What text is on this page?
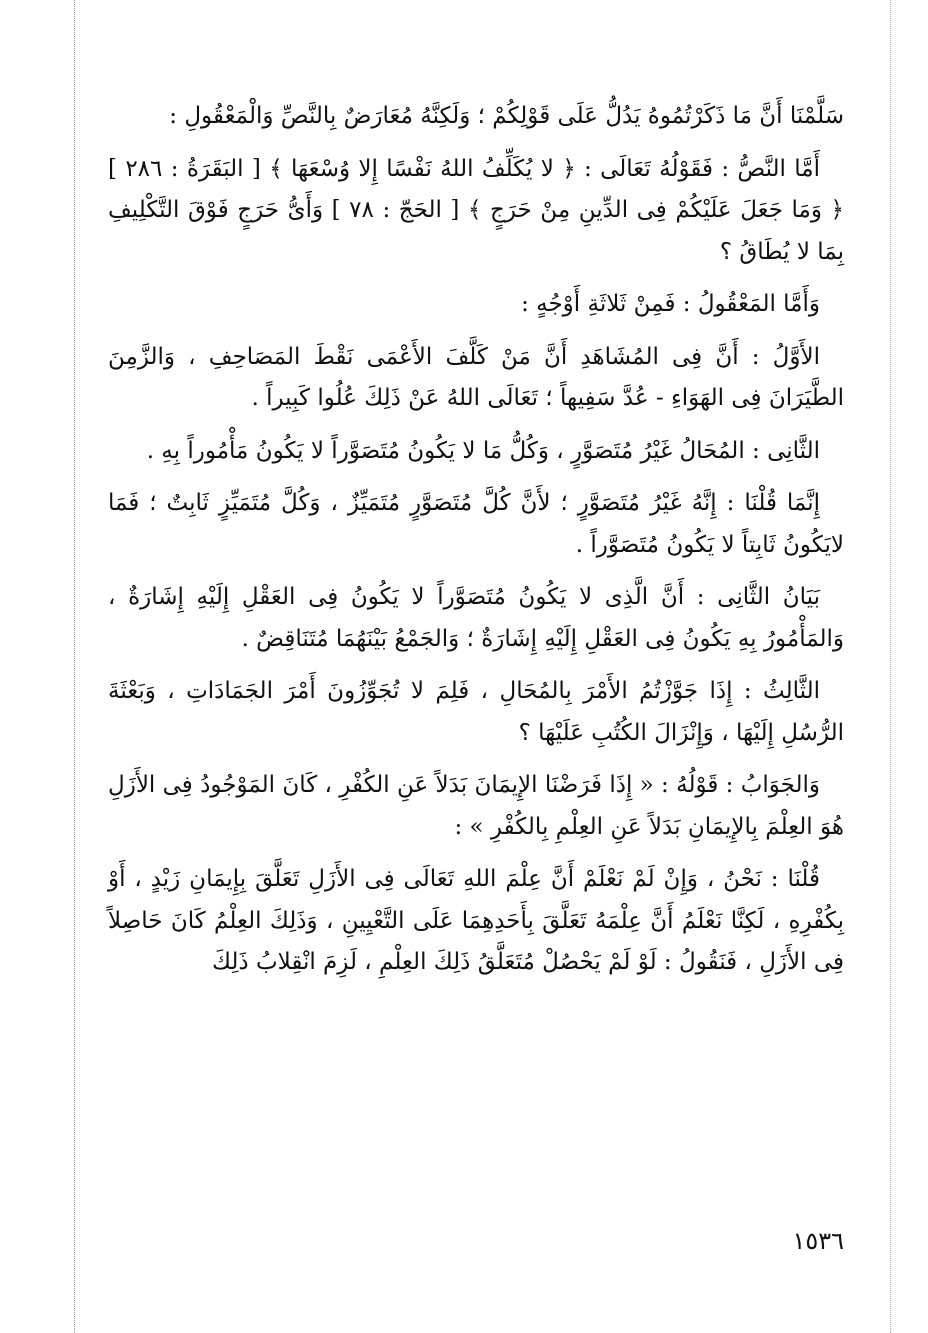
سَلَّمْنَا أَنَّ مَا ذَكَرْتُمُوهُ يَدُلُّ عَلَى قَوْلِكُمْ ؛ وَلَكِنَّهُ مُعَارَضٌ بِالنَّصِّ وَالْمَعْقُولِ :

أَمَّا النَّصُّ : فَقَوْلُهُ تَعَالَى : ﴿ لا يُكَلِّفُ اللهُ نَفْسًا إِلا وُسْعَهَا ﴾ [ البَقَرَةُ : ٢٨٦ ] ﴿ وَمَا جَعَلَ عَلَيْكُمْ فِى الدِّينِ مِنْ حَرَجٍ ﴾ [ الحَجّ : ٧٨ ] وَأَىُّ حَرَجٍ فَوْقَ التَّكْلِيفِ بِمَا لا يُطَاقُ ؟

وَأَمَّا المَعْقُولُ : فَمِنْ ثَلاثَةِ أَوْجُهٍ :

الأَوَّلُ : أَنَّ فِى المُشَاهَدِ أَنَّ مَنْ كَلَّفَ الأَعْمَى نَقْطَ المَصَاحِفِ ، وَالزَّمِنَ الطَّيَرَانَ فِى الهَوَاءِ - عُدَّ سَفِيهاً ؛ تَعَالَى اللهُ عَنْ ذَلِكَ عُلُوا كَبِيراً .

الثَّانِى : المُحَالُ غَيْرُ مُتَصَوَّرٍ ، وَكُلُّ مَا لا يَكُونُ مُتَصَوَّراً لا يَكُونُ مَأْمُوراً بِهِ .

إِنَّمَا قُلْنَا : إِنَّهُ غَيْرُ مُتَصَوَّرٍ ؛ لأَنَّ كُلَّ مُتَصَوَّرٍ مُتَمَيِّزٌ ، وَكُلَّ مُتَمَيِّزٍ ثَابِتٌ ؛ فَمَا لايَكُونُ ثَابِتاً لا يَكُونُ مُتَصَوَّراً .

بَيَانُ الثَّانِى : أَنَّ الَّذِى لا يَكُونُ مُتَصَوَّراً لا يَكُونُ فِى العَقْلِ إِلَيْهِ إِشَارَةٌ ، وَالمَأْمُورُ بِهِ يَكُونُ فِى العَقْلِ إِلَيْهِ إِشَارَةٌ ؛ وَالجَمْعُ بَيْنَهُمَا مُتَنَاقِضٌ .

الثَّالِثُ : إِذَا جَوَّزْتُمُ الأَمْرَ بِالمُحَالِ ، فَلِمَ لا تُجَوِّزُونَ أَمْرَ الجَمَادَاتِ ، وَبَعْثَةَ الرُّسُلِ إِلَيْهَا ، وَإِنْزَالَ الكُتُبِ عَلَيْهَا ؟

وَالجَوَابُ : قَوْلُهُ : « إِذَا فَرَضْنَا الإِيمَانَ بَدَلاً عَنِ الكُفْرِ ، كَانَ المَوْجُودُ فِى الأَزَلِ هُوَ العِلْمَ بِالإِيمَانِ بَدَلاً عَنِ العِلْمِ بِالكُفْرِ » :

قُلْنَا : نَحْنُ ، وَإِنْ لَمْ نَعْلَمْ أَنَّ عِلْمَ اللهِ تَعَالَى فِى الأَزَلِ تَعَلَّقَ بِإِيمَانِ زَيْدٍ ، أَوْ بِكُفْرِهِ ، لَكِنَّا نَعْلَمُ أَنَّ عِلْمَهُ تَعَلَّقَ بِأَحَدِهِمَا عَلَى التَّعْيِينِ ، وَذَلِكَ العِلْمُ كَانَ حَاصِلاً فِى الأَزَلِ ، فَنَقُولُ : لَوْ لَمْ يَحْصُلْ مُتَعَلَّقُ ذَلِكَ العِلْمِ ، لَزِمَ انْقِلابُ ذَلِكَ

١٥٣٦
